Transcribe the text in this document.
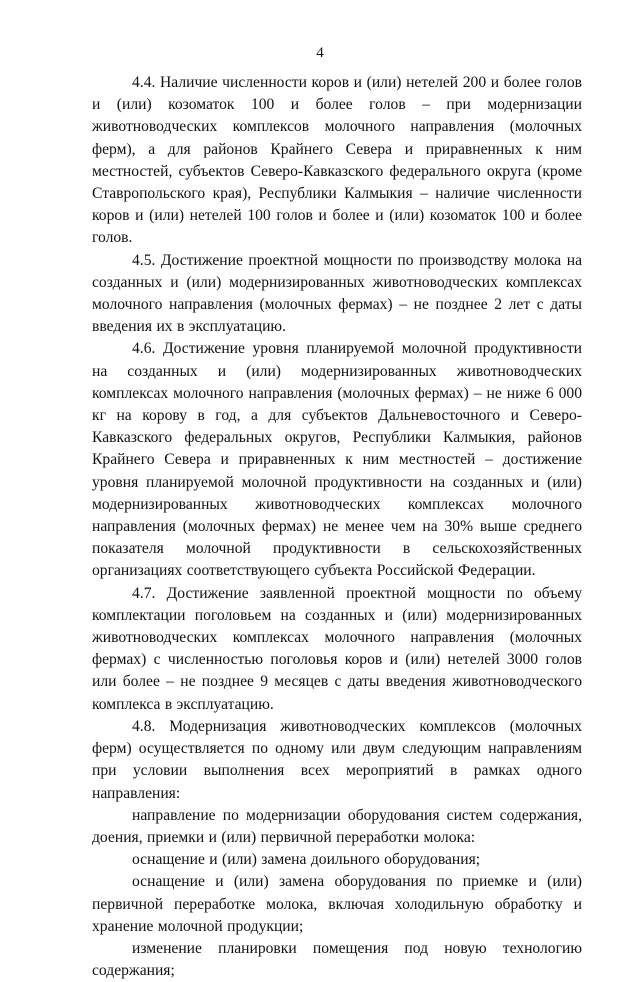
4

4.4. Наличие численности коров и (или) нетелей 200 и более голов и (или) козоматок 100 и более голов – при модернизации животноводческих комплексов молочного направления (молочных ферм), а для районов Крайнего Севера и приравненных к ним местностей, субъектов Северо-Кавказского федерального округа (кроме Ставропольского края), Республики Калмыкия – наличие численности коров и (или) нетелей 100 голов и более и (или) козоматок 100 и более голов.

4.5. Достижение проектной мощности по производству молока на созданных и (или) модернизированных животноводческих комплексах молочного направления (молочных фермах) – не позднее 2 лет с даты введения их в эксплуатацию.

4.6. Достижение уровня планируемой молочной продуктивности на созданных и (или) модернизированных животноводческих комплексах молочного направления (молочных фермах) – не ниже 6 000 кг на корову в год, а для субъектов Дальневосточного и Северо-Кавказского федеральных округов, Республики Калмыкия, районов Крайнего Севера и приравненных к ним местностей – достижение уровня планируемой молочной продуктивности на созданных и (или) модернизированных животноводческих комплексах молочного направления (молочных фермах) не менее чем на 30% выше среднего показателя молочной продуктивности в сельскохозяйственных организациях соответствующего субъекта Российской Федерации.

4.7. Достижение заявленной проектной мощности по объему комплектации поголовьем на созданных и (или) модернизированных животноводческих комплексах молочного направления (молочных фермах) с численностью поголовья коров и (или) нетелей 3000 голов или более – не позднее 9 месяцев с даты введения животноводческого комплекса в эксплуатацию.

4.8. Модернизация животноводческих комплексов (молочных ферм) осуществляется по одному или двум следующим направлениям при условии выполнения всех мероприятий в рамках одного направления:

направление по модернизации оборудования систем содержания, доения, приемки и (или) первичной переработки молока:

оснащение и (или) замена доильного оборудования;

оснащение и (или) замена оборудования по приемке и (или) первичной переработке молока, включая холодильную обработку и хранение молочной продукции;

изменение планировки помещения под новую технологию содержания;
